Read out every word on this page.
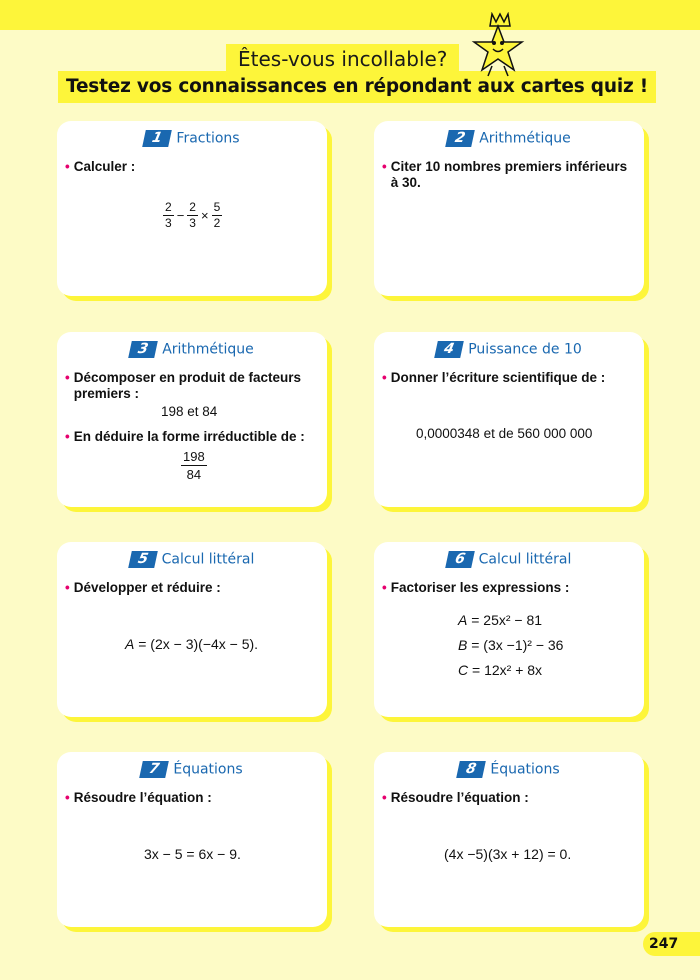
Êtes-vous incollable?
Testez vos connaissances en répondant aux cartes quiz !
1 Fractions
• Calculer :
$\frac{2}{3} - \frac{2}{3} \times \frac{5}{2}$
2 Arithmétique
• Citer 10 nombres premiers inférieurs à 30.
3 Arithmétique
• Décomposer en produit de facteurs premiers :
198 et 84
• En déduire la forme irréductible de :
$\frac{198}{84}$
4 Puissance de 10
• Donner l’écriture scientifique de :
0,0000348 et de 560 000 000
5 Calcul littéral
• Développer et réduire :
A = (2x − 3)(−4x − 5).
6 Calcul littéral
• Factoriser les expressions :
A = 25x² − 81
B = (3x −1)² − 36
C = 12x² + 8x
7 Équations
• Résoudre l’équation :
3x − 5 = 6x − 9.
8 Équations
• Résoudre l’équation :
(4x −5)(3x + 12) = 0.
247
